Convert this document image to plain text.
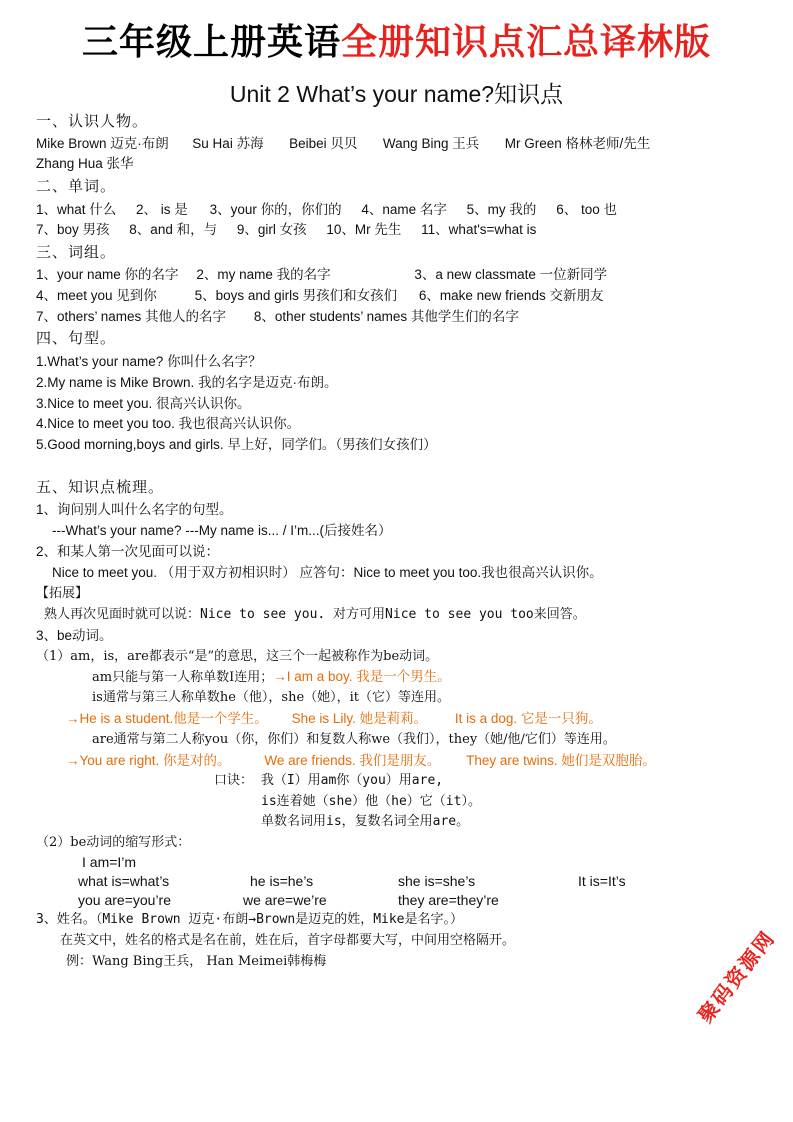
三年级上册英语全册知识点汇总译林版
Unit 2 What’s your name?知识点
一、认识人物。
Mike Brown 迈克·布朗 Su Hai 苏海 Beibei 贝贝 Wang Bing 王兵 Mr Green 格林老师/先生
Zhang Hua 张华
二、单词。
1、what 什么 2、 is 是 3、your 你的，你们的 4、name 名字 5、my 我的 6、 too 也
7、boy 男孩 8、and 和，与 9、girl 女孩 10、Mr 先生 11、what's=what is
三、词组。
1、your name 你的名字 2、my name 我的名字	3、a new classmate 一位新同学
4、meet you 见到你	5、boys and girls 男孩们和女孩们 6、make new friends 交新朋友
7、others’ names 其他人的名字 8、other students’ names 其他学生们的名字
四、句型。
1.What’s your name? 你叫什么名字？
2.My name is Mike Brown. 我的名字是迈克·布朗。
3.Nice to meet you. 很高兴认识你。
4.Nice to meet you too. 我也很高兴认识你。
5.Good morning,boys and girls. 早上好，同学们。（男孩们女孩们）
五、知识点梳理。
1、询问别人叫什么名字的句型。
---What’s your name? ---My name is... / I’m...(后接姓名）
2、和某人第一次见面可以说：
Nice to meet you. （用于双方初相识时） 应答句：Nice to meet you too.我也很高兴认识你。
【拓展】
熟人再次见面时就可以说：Nice to see you. 对方可用Nice to see you too来回答。
3、be动词。
（1）am，is，are都表示“是”的意思，这三个一起被称作为be动词。
am只能与第一人称单数I连用；→I am a boy. 我是一个男生。
is通常与第三人称单数he（他），she（她），it（它）等连用。
→He is a student.他是一个学生。 She is Lily. 她是莉莉。 It is a dog. 它是一只狗。
are通常与第二人称you（你，你们）和复数人称we（我们），they（她/他/它们）等连用。
→You are right. 你是对的。	We are friends. 我们是朋友。 They are twins. 她们是双胞胎。
口诀： 我（I）用am你（you）用are,
is连着她（she）他（he）它（it）。
单数名词用is，复数名词全用are。
（2）be动词的缩写形式：
I am=I’m
what is=what’s	he is=he’s	she is=she’s	It is=It’s
you are=you’re	we are=we’re	they are=they’re
3、姓名。（Mike Brown 迈克·布朗→Brown是迈克的姓，Mike是名字。）
在英文中，姓名的格式是名在前，姓在后，首字母都要大写，中间用空格隔开。
例：Wang Bing王兵， Han Meimei韩梅梅	聚码资源网
